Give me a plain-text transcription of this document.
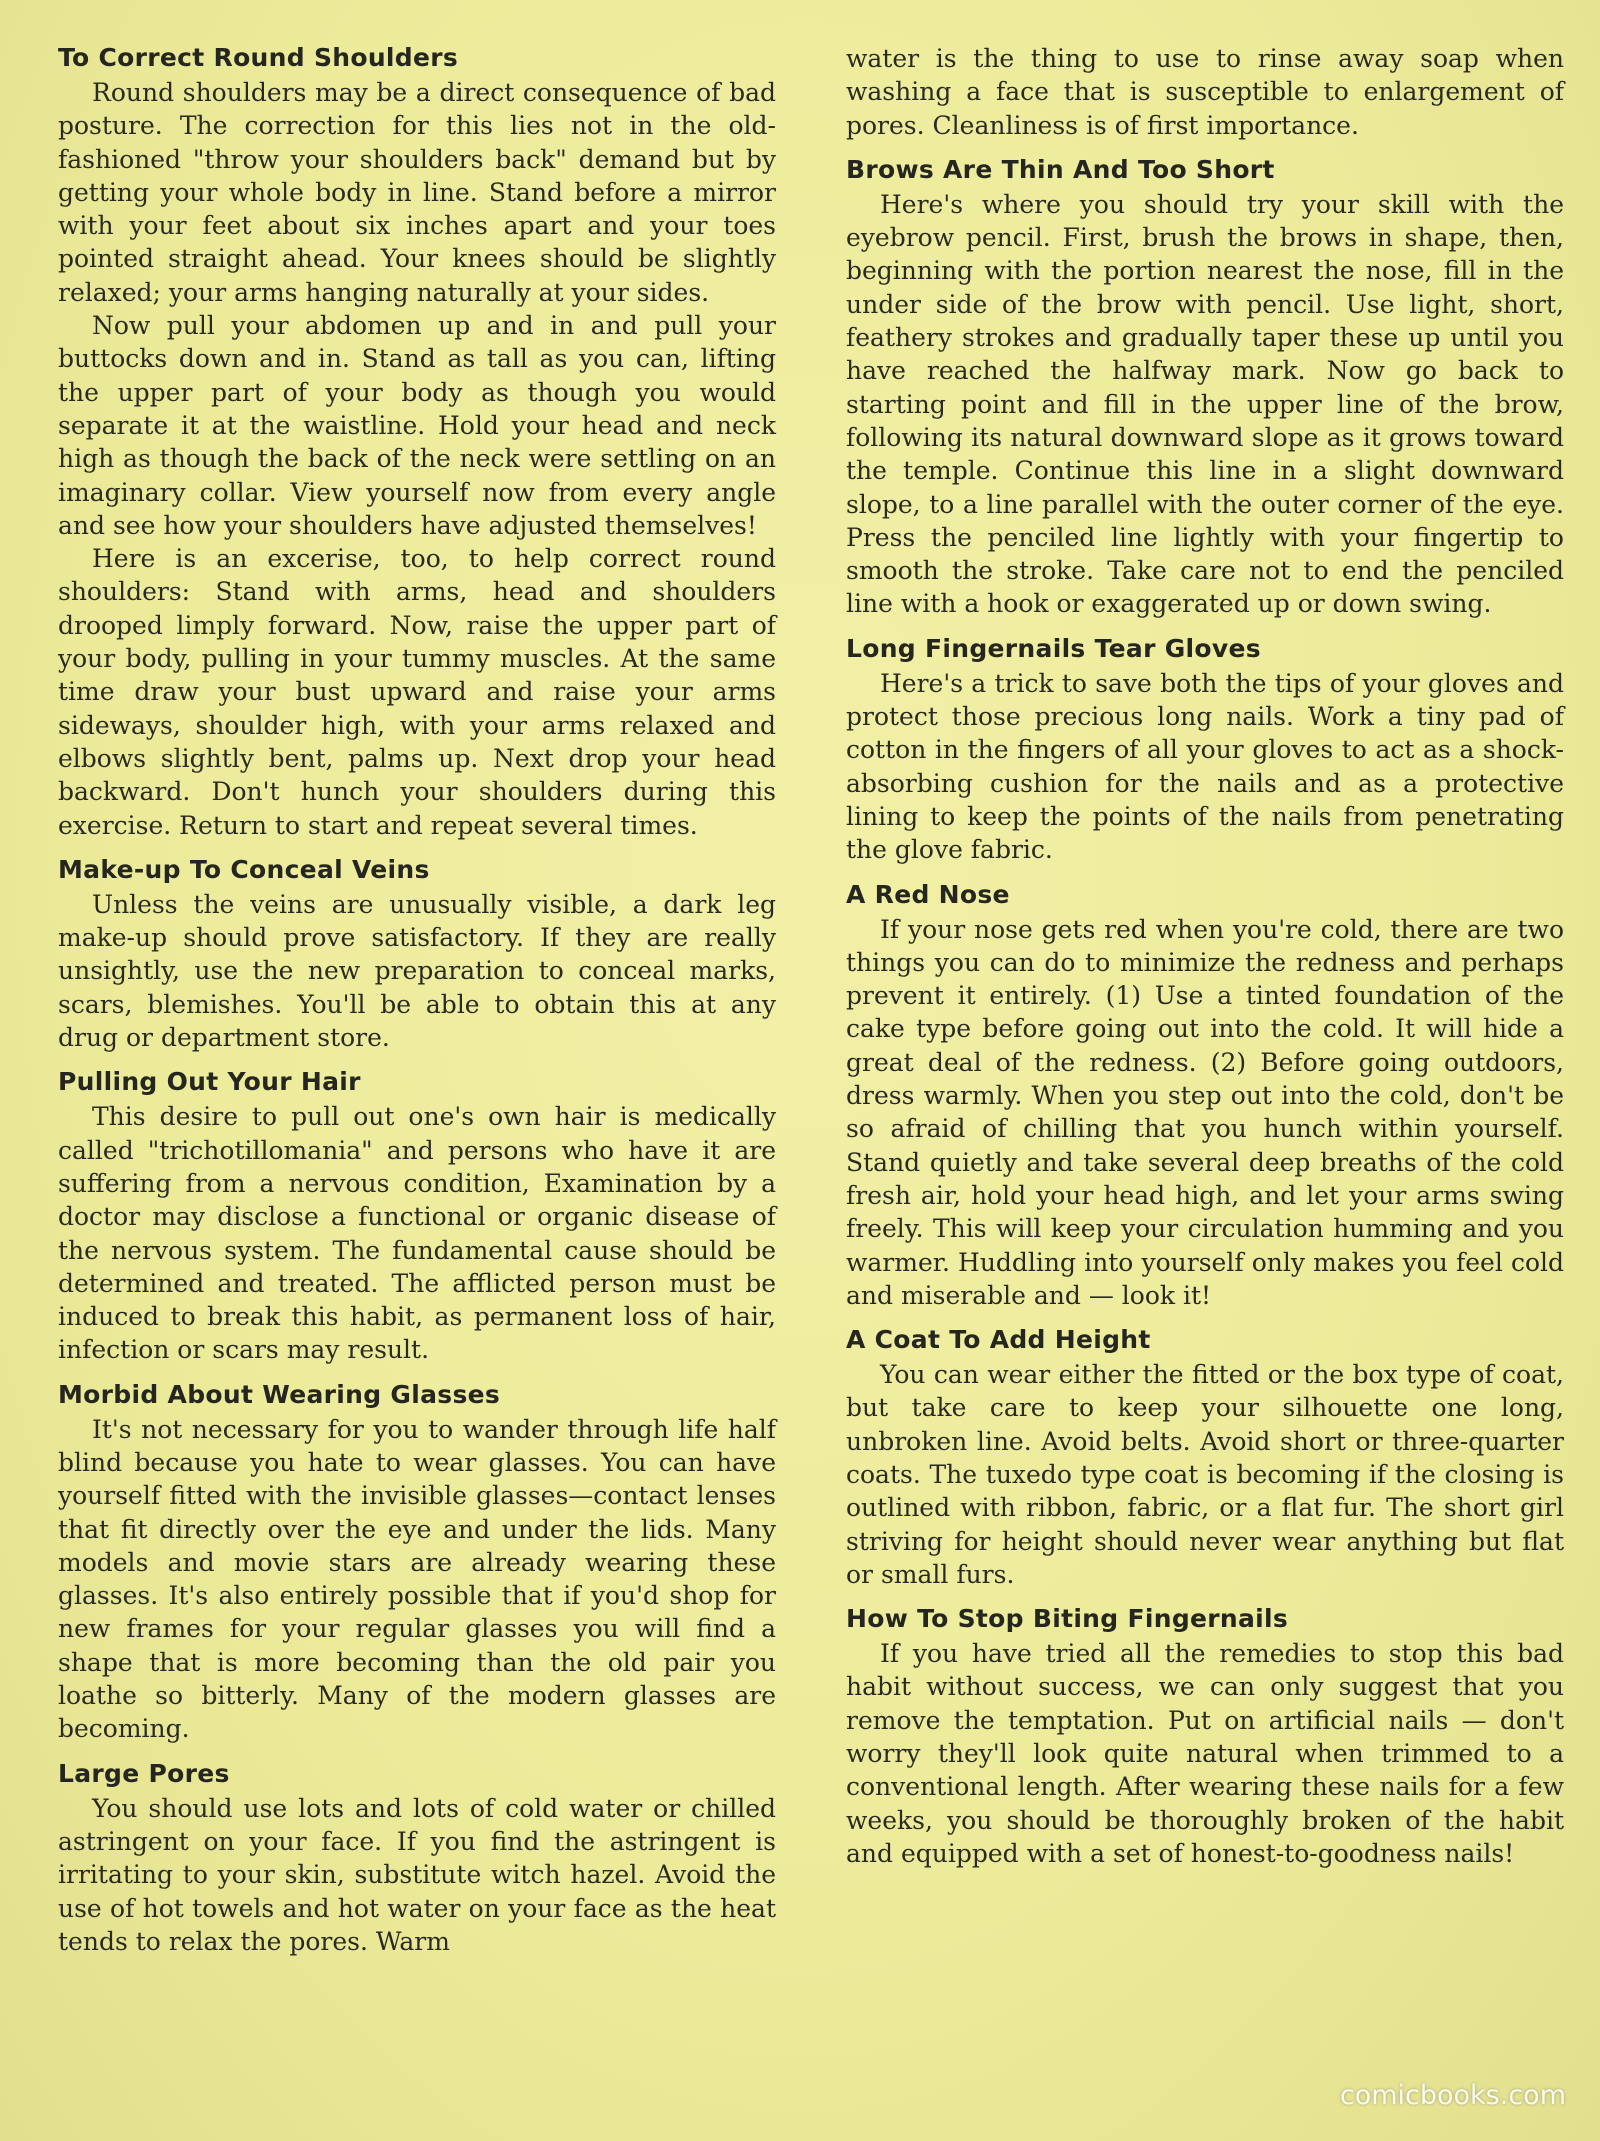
To Correct Round Shoulders

Round shoulders may be a direct consequence of bad posture. The correction for this lies not in the old-fashioned "throw your shoulders back" demand but by getting your whole body in line. Stand before a mirror with your feet about six inches apart and your toes pointed straight ahead. Your knees should be slightly relaxed; your arms hanging naturally at your sides.

Now pull your abdomen up and in and pull your buttocks down and in. Stand as tall as you can, lifting the upper part of your body as though you would separate it at the waistline. Hold your head and neck high as though the back of the neck were settling on an imaginary collar. View yourself now from every angle and see how your shoulders have adjusted themselves!

Here is an excerise, too, to help correct round shoulders: Stand with arms, head and shoulders drooped limply forward. Now, raise the upper part of your body, pulling in your tummy muscles. At the same time draw your bust upward and raise your arms sideways, shoulder high, with your arms relaxed and elbows slightly bent, palms up. Next drop your head backward. Don't hunch your shoulders during this exercise. Return to start and repeat several times.

Make-up To Conceal Veins

Unless the veins are unusually visible, a dark leg make-up should prove satisfactory. If they are really unsightly, use the new preparation to conceal marks, scars, blemishes. You'll be able to obtain this at any drug or department store.

Pulling Out Your Hair

This desire to pull out one's own hair is medically called "trichotillomania" and persons who have it are suffering from a nervous condition, Examination by a doctor may disclose a functional or organic disease of the nervous system. The fundamental cause should be determined and treated. The afflicted person must be induced to break this habit, as permanent loss of hair, infection or scars may result.

Morbid About Wearing Glasses

It's not necessary for you to wander through life half blind because you hate to wear glasses. You can have yourself fitted with the invisible glasses—contact lenses that fit directly over the eye and under the lids. Many models and movie stars are already wearing these glasses. It's also entirely possible that if you'd shop for new frames for your regular glasses you will find a shape that is more becoming than the old pair you loathe so bitterly. Many of the modern glasses are becoming.

Large Pores

You should use lots and lots of cold water or chilled astringent on your face. If you find the astringent is irritating to your skin, substitute witch hazel. Avoid the use of hot towels and hot water on your face as the heat tends to relax the pores. Warm

water is the thing to use to rinse away soap when washing a face that is susceptible to enlargement of pores. Cleanliness is of first importance.

Brows Are Thin And Too Short

Here's where you should try your skill with the eyebrow pencil. First, brush the brows in shape, then, beginning with the portion nearest the nose, fill in the under side of the brow with pencil. Use light, short, feathery strokes and gradually taper these up until you have reached the halfway mark. Now go back to starting point and fill in the upper line of the brow, following its natural downward slope as it grows toward the temple. Continue this line in a slight downward slope, to a line parallel with the outer corner of the eye. Press the penciled line lightly with your fingertip to smooth the stroke. Take care not to end the penciled line with a hook or exaggerated up or down swing.

Long Fingernails Tear Gloves

Here's a trick to save both the tips of your gloves and protect those precious long nails. Work a tiny pad of cotton in the fingers of all your gloves to act as a shock-absorbing cushion for the nails and as a protective lining to keep the points of the nails from penetrating the glove fabric.

A Red Nose

If your nose gets red when you're cold, there are two things you can do to minimize the redness and perhaps prevent it entirely. (1) Use a tinted foundation of the cake type before going out into the cold. It will hide a great deal of the redness. (2) Before going outdoors, dress warmly. When you step out into the cold, don't be so afraid of chilling that you hunch within yourself. Stand quietly and take several deep breaths of the cold fresh air, hold your head high, and let your arms swing freely. This will keep your circulation humming and you warmer. Huddling into yourself only makes you feel cold and miserable and — look it!

A Coat To Add Height

You can wear either the fitted or the box type of coat, but take care to keep your silhouette one long, unbroken line. Avoid belts. Avoid short or three-quarter coats. The tuxedo type coat is becoming if the closing is outlined with ribbon, fabric, or a flat fur. The short girl striving for height should never wear anything but flat or small furs.

How To Stop Biting Fingernails

If you have tried all the remedies to stop this bad habit without success, we can only suggest that you remove the temptation. Put on artificial nails — don't worry they'll look quite natural when trimmed to a conventional length. After wearing these nails for a few weeks, you should be thoroughly broken of the habit and equipped with a set of honest-to-goodness nails!

comicbooks.com
